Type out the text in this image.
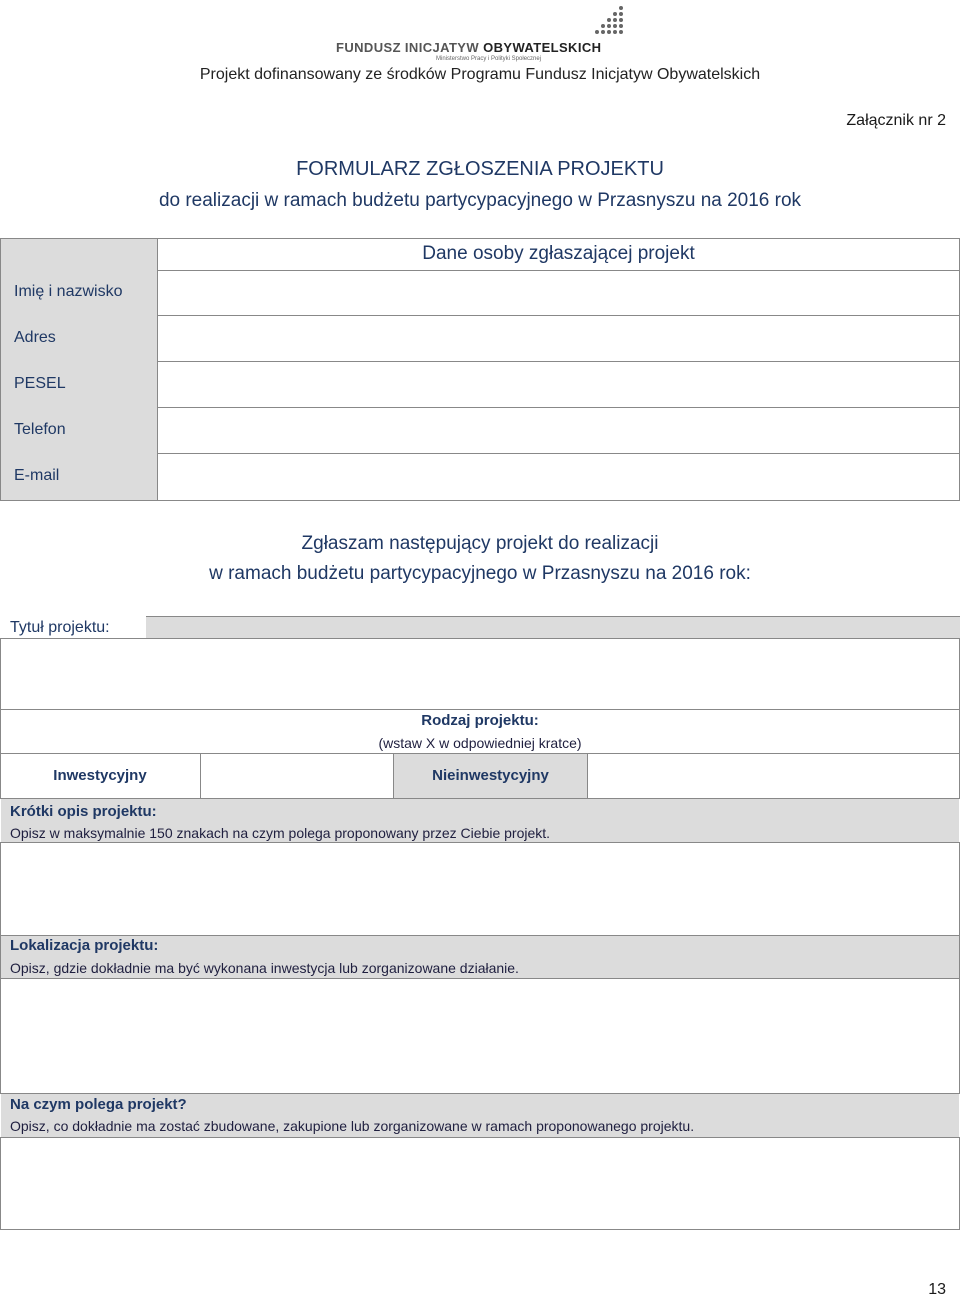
FUNDUSZ INICJATYW OBYWATELSKICH
Ministerstwo Pracy i Polityki Społecznej
Projekt dofinansowany ze środków Programu Fundusz Inicjatyw Obywatelskich
Załącznik nr 2
FORMULARZ ZGŁOSZENIA PROJEKTU
do realizacji w ramach budżetu partycypacyjnego w Przasnyszu na 2016 rok
Dane osoby zgłaszającej projekt
Imię i nazwisko
Adres
PESEL
Telefon
E-mail
Zgłaszam następujący projekt do realizacji
w ramach budżetu partycypacyjnego w Przasnyszu na 2016 rok:
Tytuł projektu:
Rodzaj projektu:
(wstaw X w odpowiedniej kratce)
Inwestycyjny	Nieinwestycyjny
Krótki opis projektu:
Opisz w maksymalnie 150 znakach na czym polega proponowany przez Ciebie projekt.
Lokalizacja projektu:
Opisz, gdzie dokładnie ma być wykonana inwestycja lub zorganizowane działanie.
Na czym polega projekt?
Opisz, co dokładnie ma zostać zbudowane, zakupione lub zorganizowane w ramach proponowanego projektu.
13
